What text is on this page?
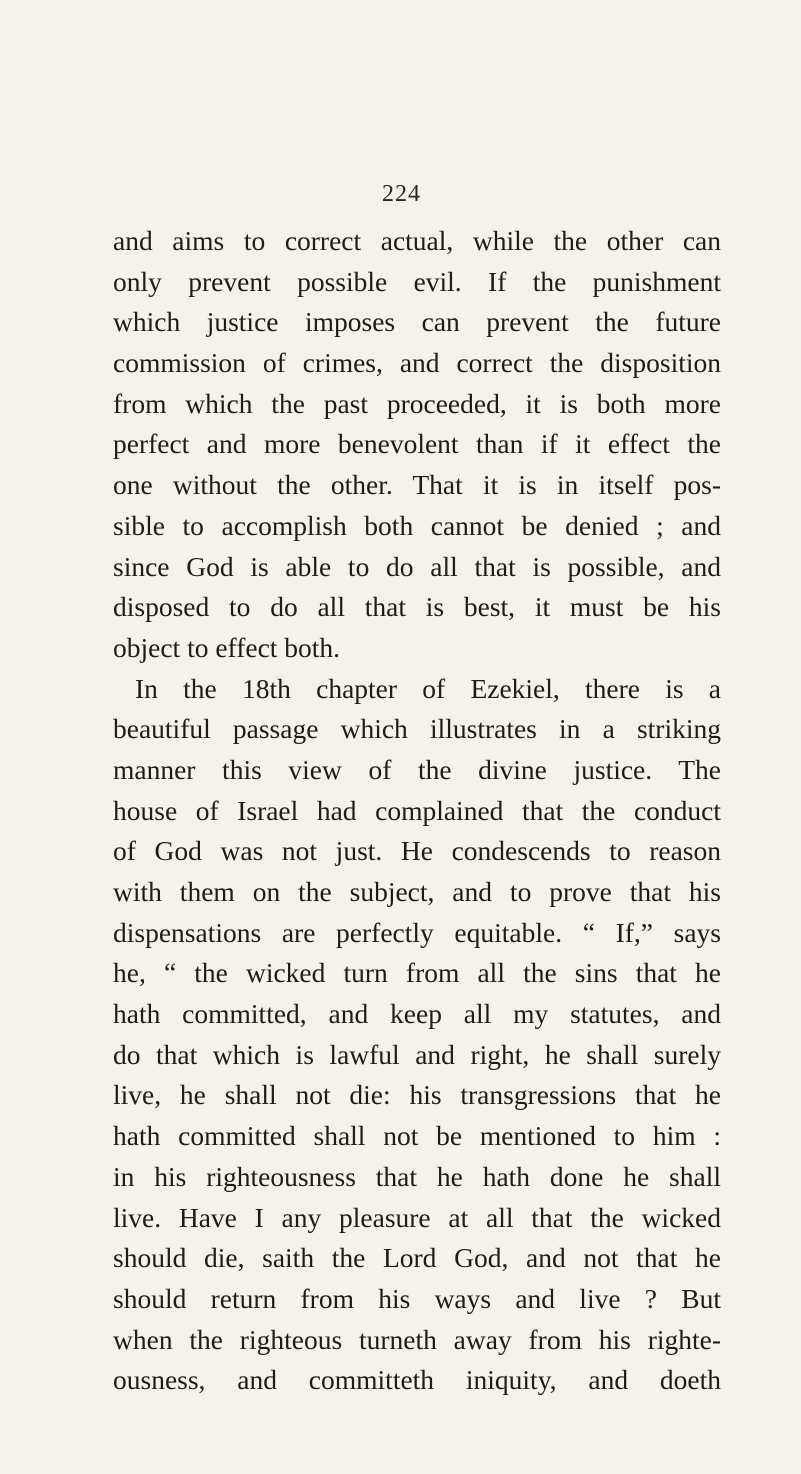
224
and aims to correct actual, while the other can
only prevent possible evil. If the punishment
which justice imposes can prevent the future
commission of crimes, and correct the disposition
from which the past proceeded, it is both more
perfect and more benevolent than if it effect the
one without the other. That it is in itself pos-
sible to accomplish both cannot be denied ; and
since God is able to do all that is possible, and
disposed to do all that is best, it must be his
object to effect both.
In the 18th chapter of Ezekiel, there is a
beautiful passage which illustrates in a striking
manner this view of the divine justice. The
house of Israel had complained that the conduct
of God was not just. He condescends to reason
with them on the subject, and to prove that his
dispensations are perfectly equitable. “ If,” says
he, “ the wicked turn from all the sins that he
hath committed, and keep all my statutes, and
do that which is lawful and right, he shall surely
live, he shall not die: his transgressions that he
hath committed shall not be mentioned to him :
in his righteousness that he hath done he shall
live. Have I any pleasure at all that the wicked
should die, saith the Lord God, and not that he
should return from his ways and live ? But
when the righteous turneth away from his righte-
ousness, and committeth iniquity, and doeth
